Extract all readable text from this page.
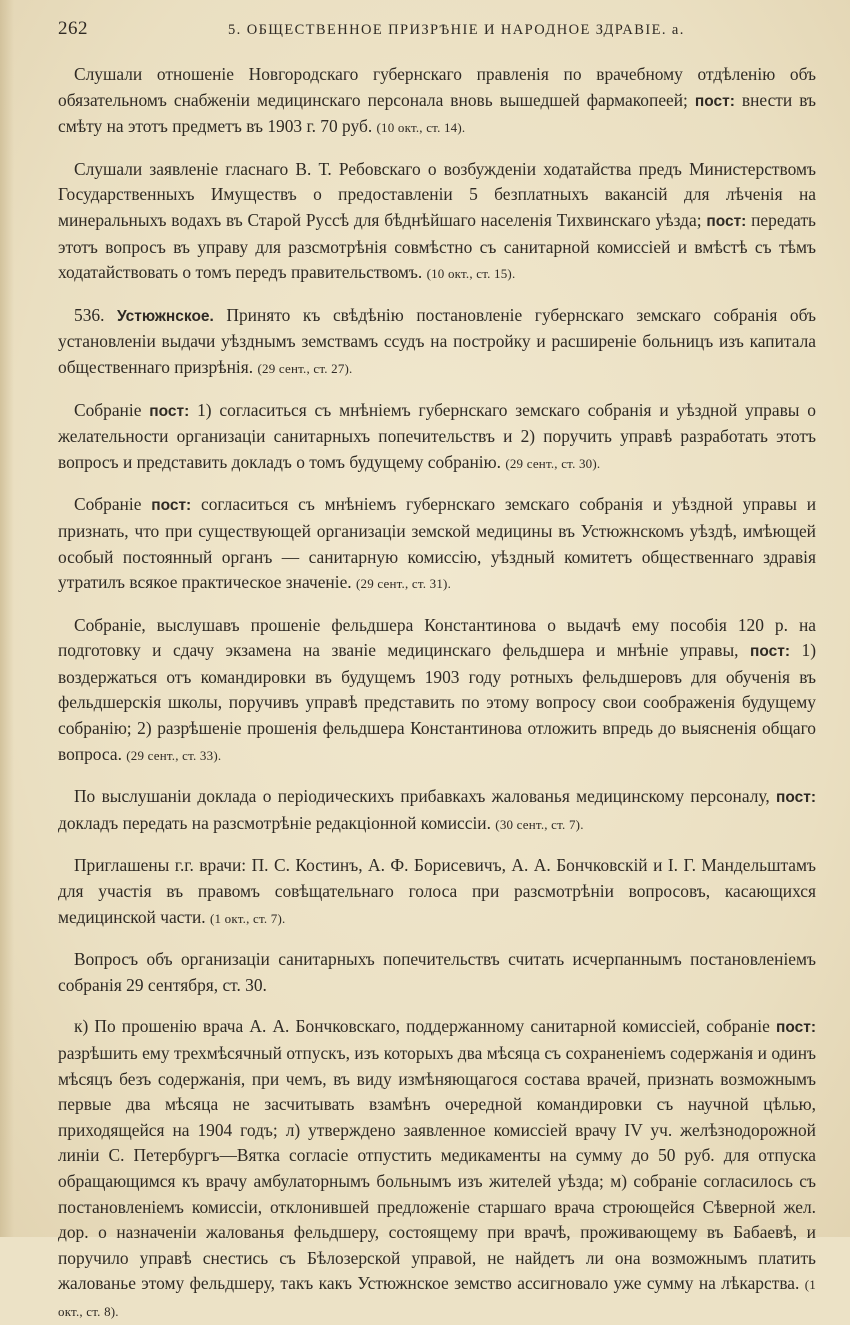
262	5. ОБЩЕСТВЕННОЕ ПРИЗРѢНІЕ И НАРОДНОЕ ЗДРАВІЕ. а.

Слушали отношеніе Новгородскаго губернскаго правленія по врачебному отдѣленію объ обязательномъ снабженіи медицинскаго персонала вновь вышедшей фармакопеей; пост: внести въ смѣту на этотъ предметъ въ 1903 г. 70 руб. (10 окт., ст. 14).

Слушали заявленіе гласнаго В. Т. Ребовскаго о возбужденіи ходатайства предъ Министерствомъ Государственныхъ Имуществъ о предоставленіи 5 безплатныхъ вакансій для лѣченія на минеральныхъ водахъ въ Старой Руссѣ для бѣднѣйшаго населенія Тихвинскаго уѣзда; пост: передать этотъ вопросъ въ управу для разсмотрѣнія совмѣстно съ санитарной комиссіей и вмѣстѣ съ тѣмъ ходатайствовать о томъ передъ правительствомъ. (10 окт., ст. 15).

536. Устюжнское. Принято къ свѣдѣнію постановленіе губернскаго земскаго собранія объ установленіи выдачи уѣзднымъ земствамъ ссудъ на постройку и расширеніе больницъ изъ капитала общественнаго призрѣнія. (29 сент., ст. 27).

Собраніе пост: 1) согласиться съ мнѣніемъ губернскаго земскаго собранія и уѣздной управы о желательности организаціи санитарныхъ попечительствъ и 2) поручить управѣ разработать этотъ вопросъ и представить докладъ о томъ будущему собранію. (29 сент., ст. 30).

Собраніе пост: согласиться съ мнѣніемъ губернскаго земскаго собранія и уѣздной управы и признать, что при существующей организаціи земской медицины въ Устюжнскомъ уѣздѣ, имѣющей особый постоянный органъ — санитарную комиссію, уѣздный комитетъ общественнаго здравія утратилъ всякое практическое значеніе. (29 сент., ст. 31).

Собраніе, выслушавъ прошеніе фельдшера Константинова о выдачѣ ему пособія 120 р. на подготовку и сдачу экзамена на званіе медицинскаго фельдшера и мнѣніе управы, пост: 1) воздержаться отъ командировки въ будущемъ 1903 году ротныхъ фельдшеровъ для обученія въ фельдшерскія школы, поручивъ управѣ представить по этому вопросу свои соображенія будущему собранію; 2) разрѣшеніе прошенія фельдшера Константинова отложить впредь до выясненія общаго вопроса. (29 сент., ст. 33).

По выслушаніи доклада о періодическихъ прибавкахъ жалованья медицинскому персоналу, пост: докладъ передать на разсмотрѣніе редакціонной комиссіи. (30 сент., ст. 7).

Приглашены г.г. врачи: П. С. Костинъ, А. Ф. Борисевичъ, А. А. Бончковскій и І. Г. Мандельштамъ для участія въ правомъ совѣщательнаго голоса при разсмотрѣніи вопросовъ, касающихся медицинской части. (1 окт., ст. 7).

Вопросъ объ организаціи санитарныхъ попечительствъ считать исчерпаннымъ постановленіемъ собранія 29 сентября, ст. 30.

к) По прошенію врача А. А. Бончковскаго, поддержанному санитарной комиссіей, собраніе пост: разрѣшить ему трехмѣсячный отпускъ, изъ которыхъ два мѣсяца съ сохраненіемъ содержанія и одинъ мѣсяцъ безъ содержанія, при чемъ, въ виду измѣняющагося состава врачей, признать возможнымъ первые два мѣсяца не засчитывать взамѣнъ очередной командировки съ научной цѣлью, приходящейся на 1904 годъ; л) утверждено заявленное комиссіей врачу IV уч. желѣзнодорожной линіи С. Петербургъ—Вятка согласіе отпустить медикаменты на сумму до 50 руб. для отпуска обращающимся къ врачу амбулаторнымъ больнымъ изъ жителей уѣзда; м) собраніе согласилось съ постановленіемъ комиссіи, отклонившей предложеніе старшаго врача строющейся Сѣверной жел. дор. о назначеніи жалованья фельдшеру, состоящему при врачѣ, проживающему въ Бабаевѣ, и поручило управѣ снестись съ Бѣлозерской управой, не найдетъ ли она возможнымъ платить жалованье этому фельдшеру, такъ какъ Устюжнское земство ассигновало уже сумму на лѣкарства. (1 окт., ст. 8).
